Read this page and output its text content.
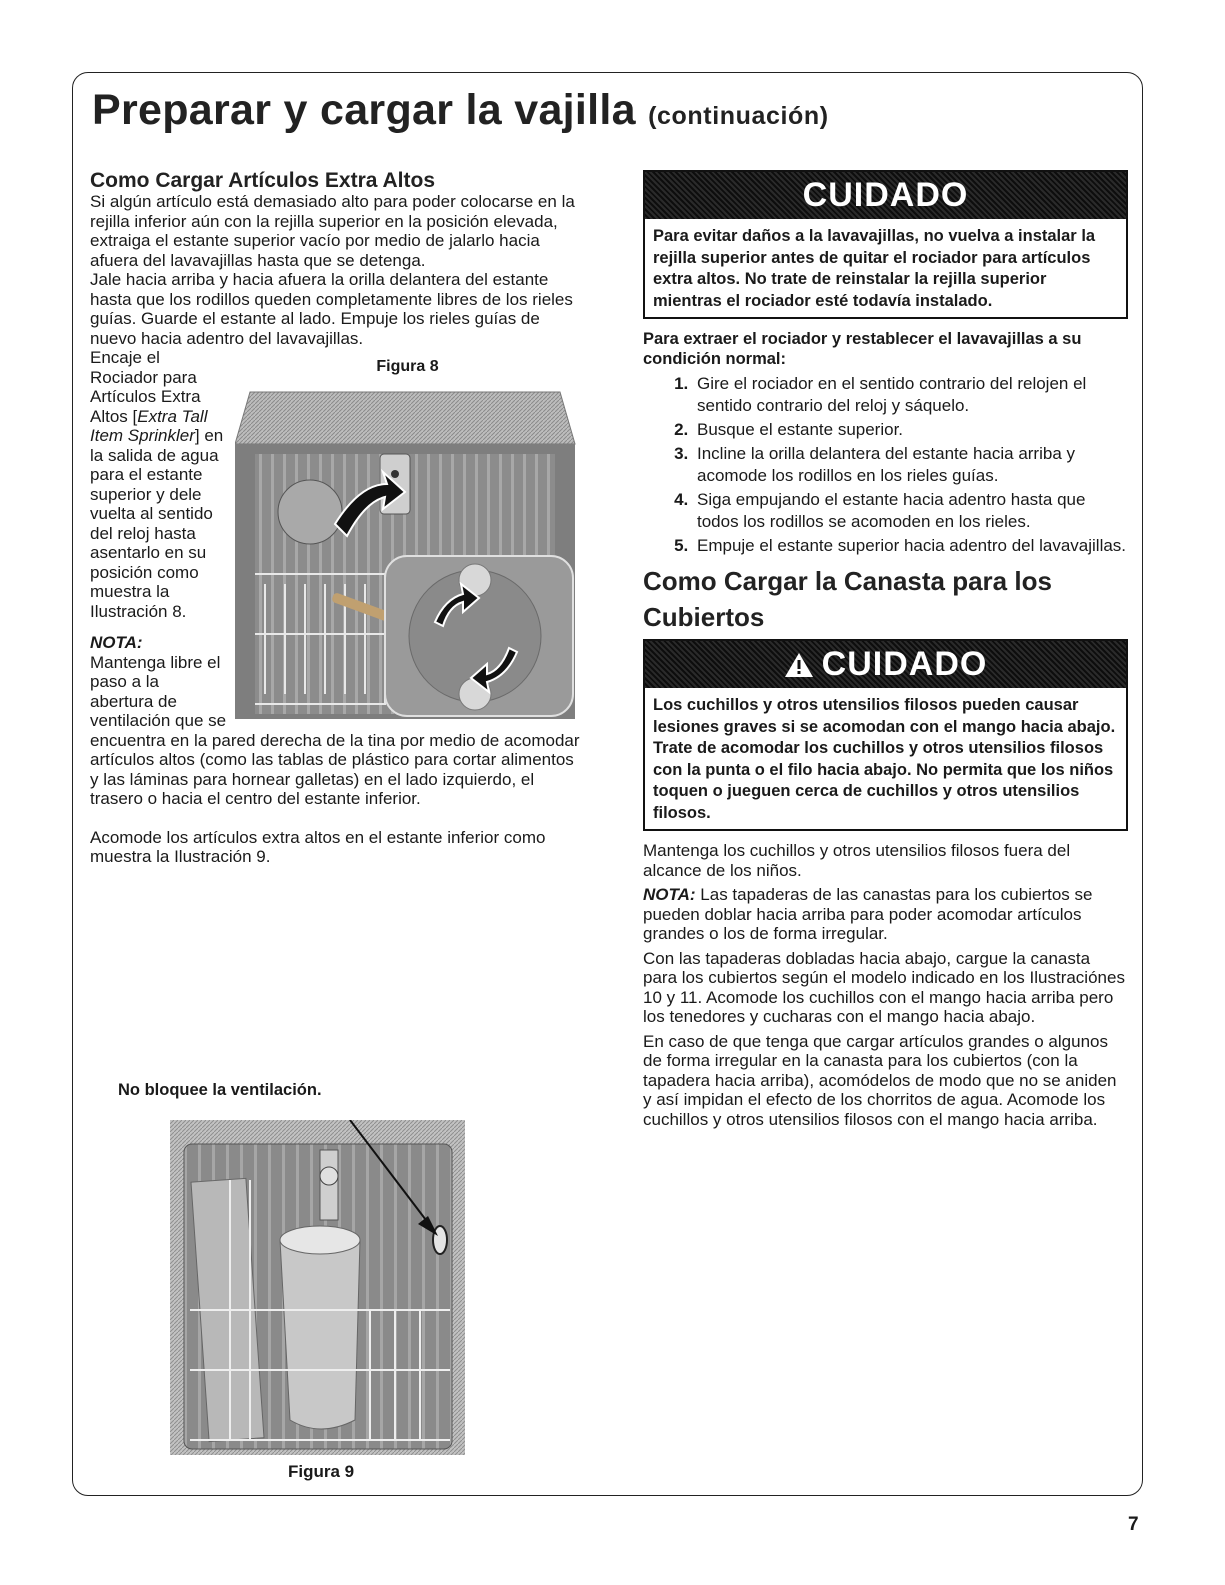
Preparar y cargar la vajilla (continuación)
Como Cargar Artículos Extra Altos

Si algún artículo está demasiado alto para poder colocarse en la rejilla inferior aún con la rejilla superior en la posición elevada, extraiga el estante superior vacío por medio de jalarlo hacia afuera del lavavajillas hasta que se detenga.

Jale hacia arriba y hacia afuera la orilla delantera del estante hasta que los rodillos queden completamente libres de los rieles guías. Guarde el estante al lado. Empuje los rieles guías de nuevo hacia adentro del lavavajillas.

Figura 8

Encaje el Rociador para Artículos Extra Altos [Extra Tall Item Sprinkler] en la salida de agua para el estante superior y dele vuelta al sentido del reloj hasta asentarlo en su posición como muestra la Ilustración 8.

NOTA:
Mantenga libre el paso a la abertura de ventilación que se encuentra en la pared derecha de la tina por medio de acomodar artículos altos (como las tablas de plástico para cortar alimentos y las láminas para hornear galletas) en el lado izquierdo, el trasero o hacia el centro del estante inferior.

Acomode los artículos extra altos en el estante inferior como muestra la Ilustración 9.

No bloquee la ventilación.
Figura 9
CUIDADO
Para evitar daños a la lavavajillas, no vuelva a instalar la rejilla superior antes de quitar el rociador para artículos extra altos. No trate de reinstalar la rejilla superior mientras el rociador esté todavía instalado.
Para extraer el rociador y restablecer el lavavajillas a su condición normal:
1. Gire el rociador en el sentido contrario del relojen el sentido contrario del reloj y sáquelo.
2. Busque el estante superior.
3. Incline la orilla delantera del estante hacia arriba y acomode los rodillos en los rieles guías.
4. Siga empujando el estante hacia adentro hasta que todos los rodillos se acomoden en los rieles.
5. Empuje el estante superior hacia adentro del lavavajillas.
Como Cargar la Canasta para los Cubiertos
CUIDADO
Los cuchillos y otros utensilios filosos pueden causar lesiones graves si se acomodan con el mango hacia abajo. Trate de acomodar los cuchillos y otros utensilios filosos con la punta o el filo hacia abajo. No permita que los niños toquen o jueguen cerca de cuchillos y otros utensilios filosos.

Mantenga los cuchillos y otros utensilios filosos fuera del alcance de los niños.

NOTA: Las tapaderas de las canastas para los cubiertos se pueden doblar hacia arriba para poder acomodar artículos grandes o los de forma irregular.

Con las tapaderas dobladas hacia abajo, cargue la canasta para los cubiertos según el modelo indicado en los Ilustraciónes 10 y 11. Acomode los cuchillos con el mango hacia arriba pero los tenedores y cucharas con el mango hacia abajo.

En caso de que tenga que cargar artículos grandes o algunos de forma irregular en la canasta para los cubiertos (con la tapadera hacia arriba), acomódelos de modo que no se aniden y así impidan el efecto de los chorritos de agua. Acomode los cuchillos y otros utensilios filosos con el mango hacia arriba.

7
